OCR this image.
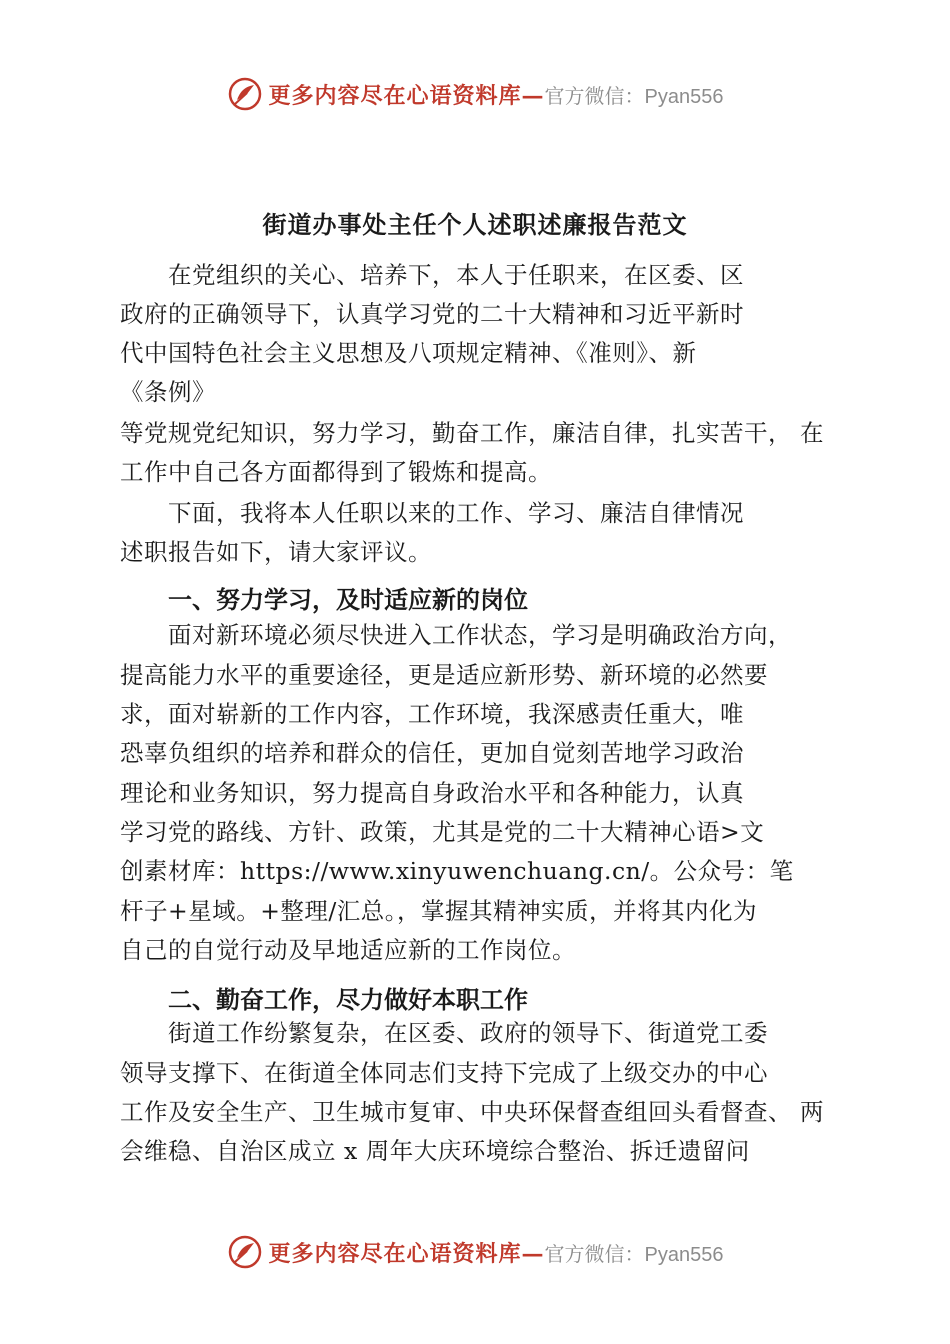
更多内容尽在心语资料库— 官方微信：Pyan556
街道办事处主任个人述职述廉报告范文
在党组织的关心、培养下，本人于任职来，在区委、区
政府的正确领导下，认真学习党的二十大精神和习近平新时
代中国特色社会主义思想及八项规定精神、《准则》、新
《条例》
等党规党纪知识，努力学习，勤奋工作，廉洁自律，扎实苦干， 在
工作中自己各方面都得到了锻炼和提高。
下面，我将本人任职以来的工作、学习、廉洁自律情况
述职报告如下，请大家评议。
一、努力学习，及时适应新的岗位
面对新环境必须尽快进入工作状态，学习是明确政治方向，
提高能力水平的重要途径，更是适应新形势、新环境的必然要
求，面对崭新的工作内容，工作环境，我深感责任重大，唯
恐辜负组织的培养和群众的信任，更加自觉刻苦地学习政治
理论和业务知识，努力提高自身政治水平和各种能力，认真
学习党的路线、方针、政策，尤其是党的二十大精神心语>文
创素材库：https://www.xinyuwenchuang.cn/。公众号：笔
杆子+星域。+整理/汇总。，掌握其精神实质，并将其内化为
自己的自觉行动及早地适应新的工作岗位。
二、勤奋工作，尽力做好本职工作
街道工作纷繁复杂，在区委、政府的领导下、街道党工委
领导支撑下、在街道全体同志们支持下完成了上级交办的中心
工作及安全生产、卫生城市复审、中央环保督查组回头看督查、 两
会维稳、自治区成立 x 周年大庆环境综合整治、拆迁遗留问
更多内容尽在心语资料库— 官方微信：Pyan556
